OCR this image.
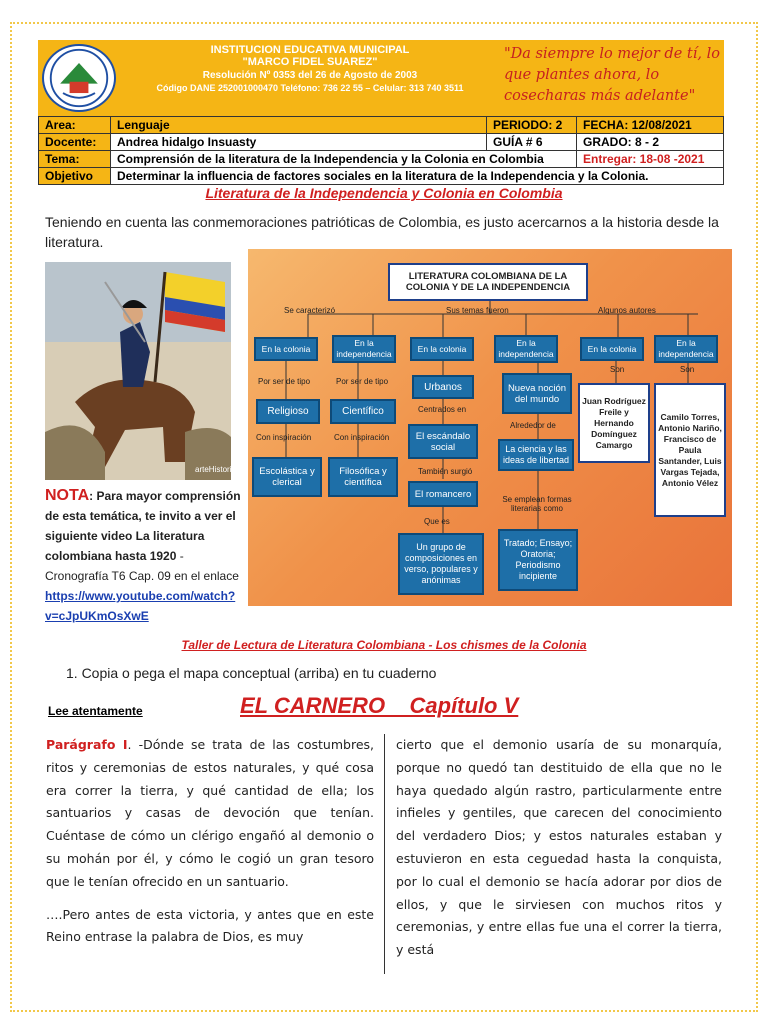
INSTITUCION EDUCATIVA MUNICIPAL
"MARCO FIDEL SUAREZ"
Resolución Nº 0353 del 26 de Agosto de 2003
Código DANE 252001000470 Teléfono: 736 22 55 – Celular: 313 740 3511
"Da siempre lo mejor de tí, lo que plantes ahora, lo cosecharas más adelante"
Area:	Lenguaje	PERIODO: 2	FECHA: 12/08/2021
Docente:	Andrea hidalgo Insuasty	GUÍA # 6	GRADO: 8 - 2
Tema:	Comprensión de la literatura de la Independencia y la Colonia en Colombia		Entregar: 18-08 -2021
Objetivo	Determinar la influencia de factores sociales en la literatura de la Independencia y la Colonia.		
Literatura de la Independencia y Colonia en Colombia
Teniendo en cuenta las conmemoraciones patrióticas de Colombia, es justo acercarnos a la historia desde la literatura.
arteHistoria
NOTA: Para mayor comprensión de esta temática, te invito a ver el siguiente video La literatura colombiana hasta 1920 - Cronografía T6 Cap. 09 en el enlace
https://www.youtube.com/watch?v=cJpUKmOsXwE
LITERATURA COLOMBIANA DE LA COLONIA Y DE LA INDEPENDENCIA
Se caracterizó	Sus temas fueron	Algunos autores
En la colonia
En la independencia
En la colonia
En la independencia
En la colonia
En la independencia
Por ser de tipo	Por ser de tipo
Religioso	Científico
Con inspiración	Con inspiración
Escolástica y clerical
Filosófica y científica
Urbanos
Centrados en
El escándalo social
También surgió
El romancero
Que es
Un grupo de composiciones en verso, populares y anónimas
Nueva noción del mundo
Alrededor de
La ciencia y las ideas de libertad
Se emplean formas literarias como
Tratado; Ensayo; Oratoria; Periodismo incipiente
Son	Son
Juan Rodríguez Freile y Hernando Domínguez Camargo
Camilo Torres, Antonio Nariño, Francisco de Paula Santander, Luis Vargas Tejada, Antonio Vélez
Taller de Lectura de Literatura Colombiana - Los chismes de la Colonia
1. Copia o pega el mapa conceptual (arriba) en tu cuaderno
Lee atentamente	EL CARNERO    Capítulo V

Parágrafo I. -Dónde se trata de las costumbres, ritos y ceremonias de estos naturales, y qué cosa era correr la tierra, y qué cantidad de ella; los santuarios y casas de devoción que tenían. Cuéntase de cómo un clérigo engañó al demonio o su mohán por él, y cómo le cogió un gran tesoro que le tenían ofrecido en un santuario.

….Pero antes de esta victoria, y antes que en este Reino entrase la palabra de Dios, es muy

cierto que el demonio usaría de su monarquía, porque no quedó tan destituido de ella que no le haya quedado algún rastro, particularmente entre infieles y gentiles, que carecen del conocimiento del verdadero Dios; y estos naturales estaban y estuvieron en esta ceguedad hasta la conquista, por lo cual el demonio se hacía adorar por dios de ellos, y que le sirviesen con muchos ritos y ceremonias, y entre ellas fue una el correr la tierra, y está
